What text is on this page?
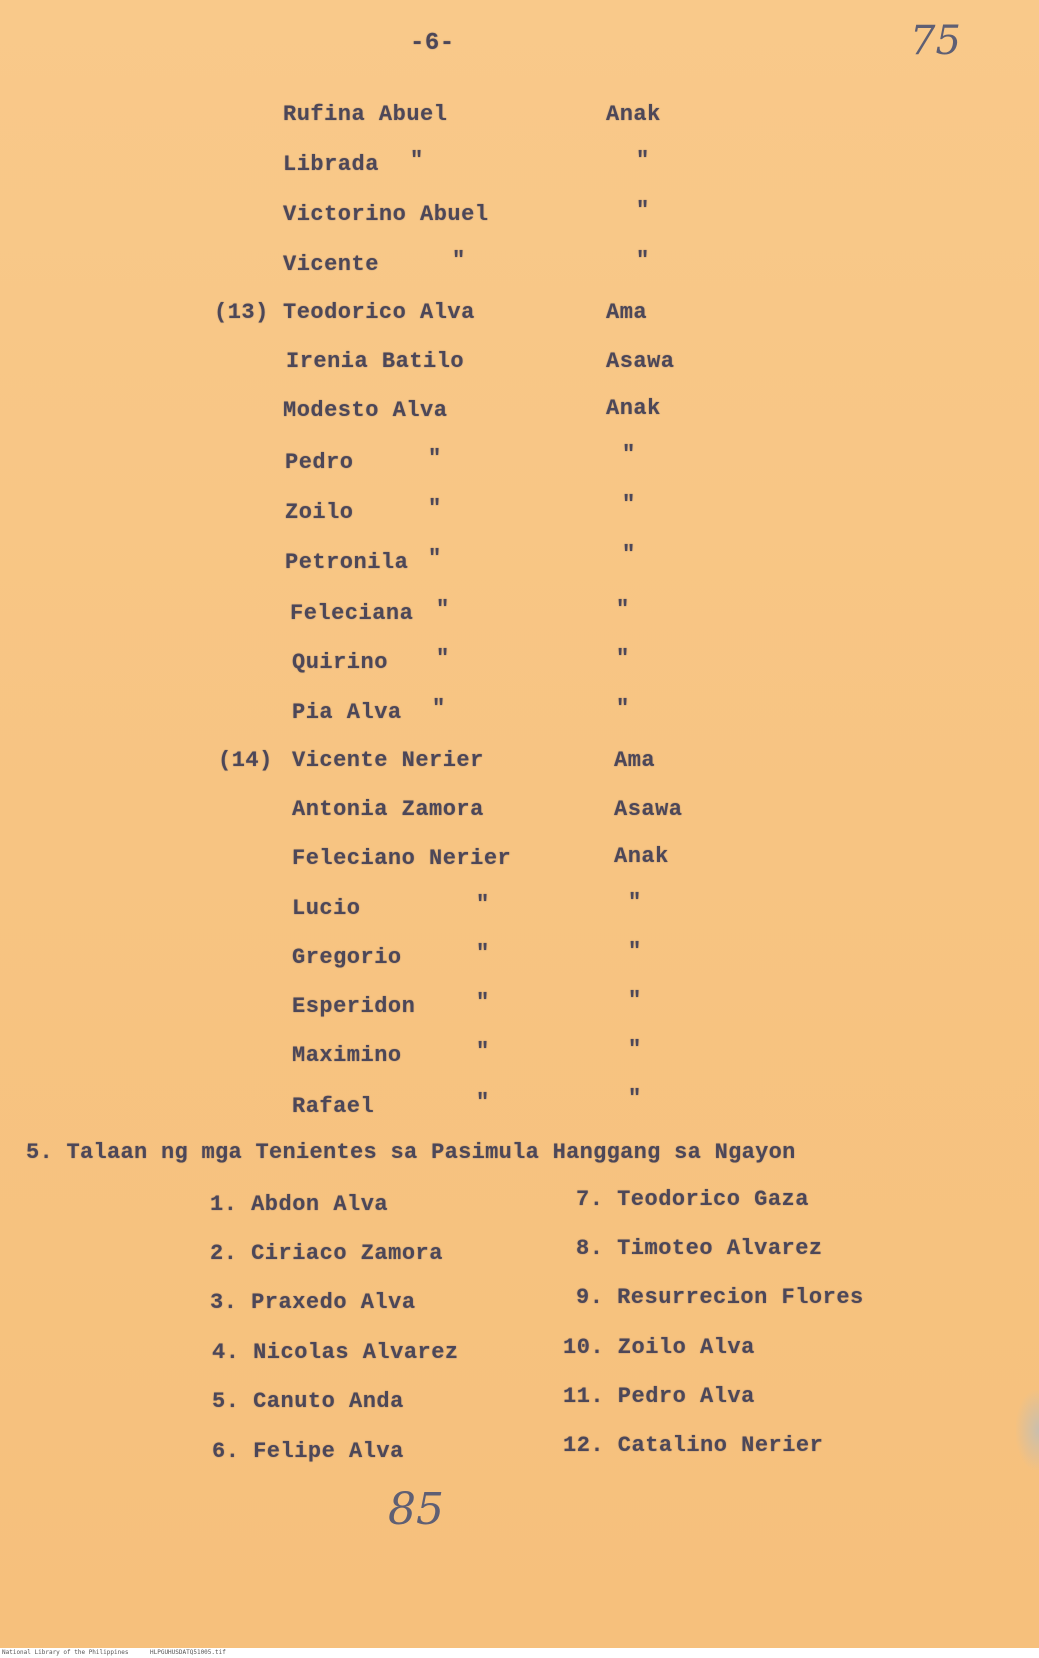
-6-	75
Rufina Abuel	Anak
Librada "	"
Victorino Abuel	"
Vicente	"	"
(13) Teodorico Alva	Ama
Irenia Batilo	Asawa
Modesto Alva	Anak
Pedro	"	"
Zoilo	"	"
Petronila "	"
Feleciana "	"
Quirino "	"
Pia Alva "	"
(14) Vicente Nerier	Ama
Antonia Zamora	Asawa
Feleciano Nerier	Anak
Lucio	"	"
Gregorio	"	"
Esperidon	"	"
Maximino	"	"
Rafael	"	"
5. Talaan ng mga Tenientes sa Pasimula Hanggang sa Ngayon
1. Abdon Alva
2. Ciriaco Zamora
3. Praxedo Alva
4. Nicolas Alvarez
5. Canuto Anda
6. Felipe Alva
7. Teodorico Gaza
8. Timoteo Alvarez
9. Resurrecion Flores
10. Zoilo Alva
11. Pedro Alva
12. Catalino Nerier
85
National Library of the Philippines	HLPGUHUSDATQ51005.tif
